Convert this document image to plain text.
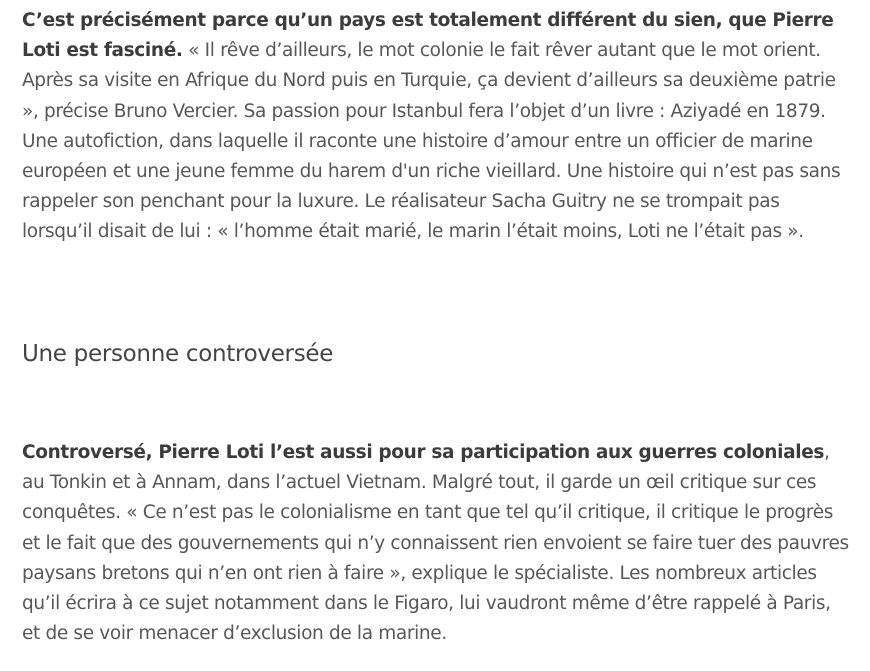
C’est précisément parce qu’un pays est totalement différent du sien, que Pierre Loti est fasciné. « Il rêve d’ailleurs, le mot colonie le fait rêver autant que le mot orient. Après sa visite en Afrique du Nord puis en Turquie, ça devient d’ailleurs sa deuxième patrie », précise Bruno Vercier. Sa passion pour Istanbul fera l’objet d’un livre : Aziyadé en 1879. Une autofiction, dans laquelle il raconte une histoire d’amour entre un officier de marine européen et une jeune femme du harem d'un riche vieillard. Une histoire qui n’est pas sans rappeler son penchant pour la luxure. Le réalisateur Sacha Guitry ne se trompait pas lorsqu’il disait de lui : « l’homme était marié, le marin l’était moins, Loti ne l’était pas ».

Une personne controversée

Controversé, Pierre Loti l’est aussi pour sa participation aux guerres coloniales, au Tonkin et à Annam, dans l’actuel Vietnam. Malgré tout, il garde un œil critique sur ces conquêtes. « Ce n’est pas le colonialisme en tant que tel qu’il critique, il critique le progrès et le fait que des gouvernements qui n’y connaissent rien envoient se faire tuer des pauvres paysans bretons qui n’en ont rien à faire », explique le spécialiste. Les nombreux articles qu’il écrira à ce sujet notamment dans le Figaro, lui vaudront même d’être rappelé à Paris, et de se voir menacer d’exclusion de la marine.
